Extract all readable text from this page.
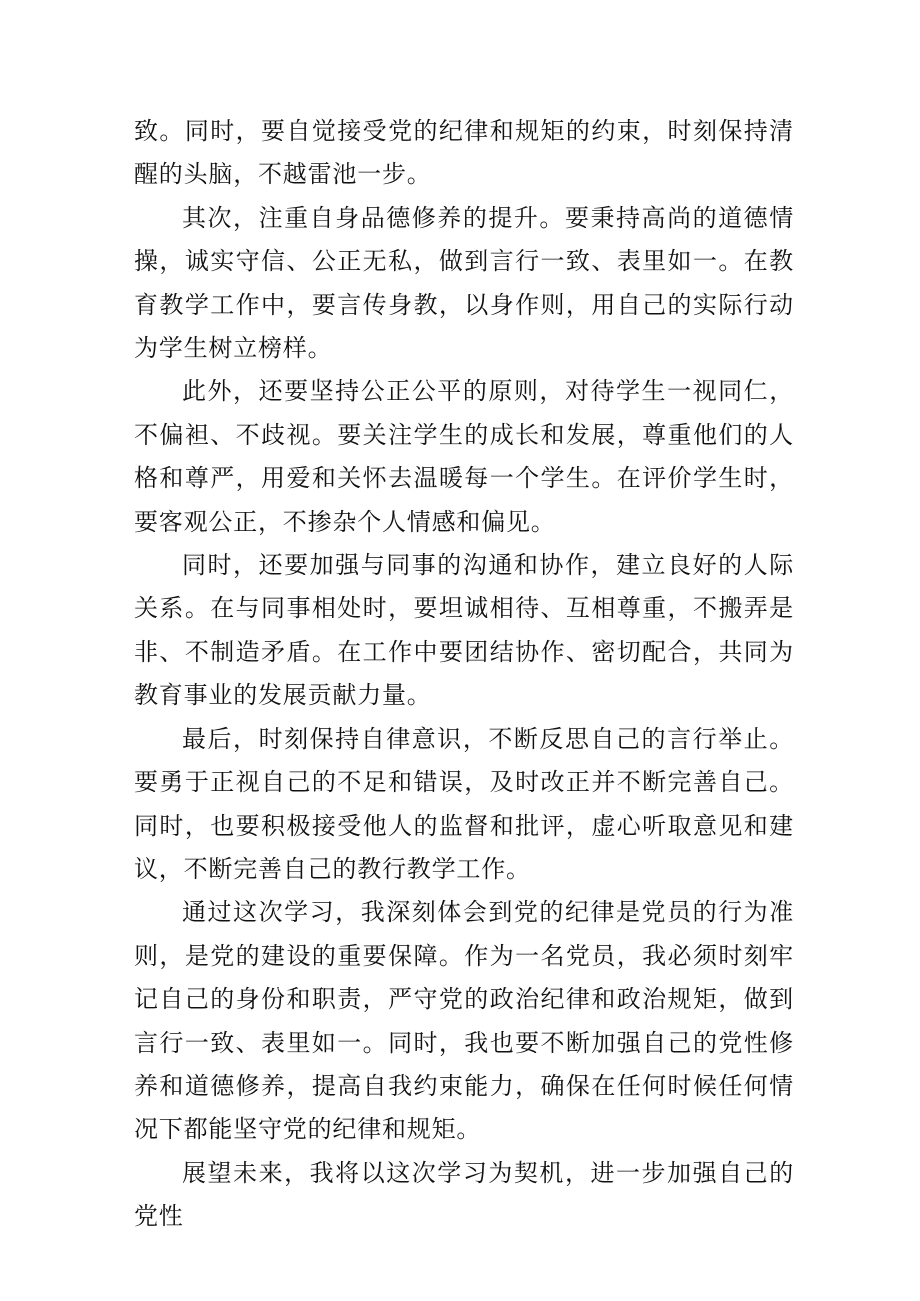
致。同时，要自觉接受党的纪律和规矩的约束，时刻保持清醒的头脑，不越雷池一步。

其次，注重自身品德修养的提升。要秉持高尚的道德情操，诚实守信、公正无私，做到言行一致、表里如一。在教育教学工作中，要言传身教，以身作则，用自己的实际行动为学生树立榜样。

此外，还要坚持公正公平的原则，对待学生一视同仁，不偏袒、不歧视。要关注学生的成长和发展，尊重他们的人格和尊严，用爱和关怀去温暖每一个学生。在评价学生时，要客观公正，不掺杂个人情感和偏见。

同时，还要加强与同事的沟通和协作，建立良好的人际关系。在与同事相处时，要坦诚相待、互相尊重，不搬弄是非、不制造矛盾。在工作中要团结协作、密切配合，共同为教育事业的发展贡献力量。

最后，时刻保持自律意识，不断反思自己的言行举止。要勇于正视自己的不足和错误，及时改正并不断完善自己。同时，也要积极接受他人的监督和批评，虚心听取意见和建议，不断完善自己的教行教学工作。

通过这次学习，我深刻体会到党的纪律是党员的行为准则，是党的建设的重要保障。作为一名党员，我必须时刻牢记自己的身份和职责，严守党的政治纪律和政治规矩，做到言行一致、表里如一。同时，我也要不断加强自己的党性修养和道德修养，提高自我约束能力，确保在任何时候任何情况下都能坚守党的纪律和规矩。

展望未来，我将以这次学习为契机，进一步加强自己的党性
